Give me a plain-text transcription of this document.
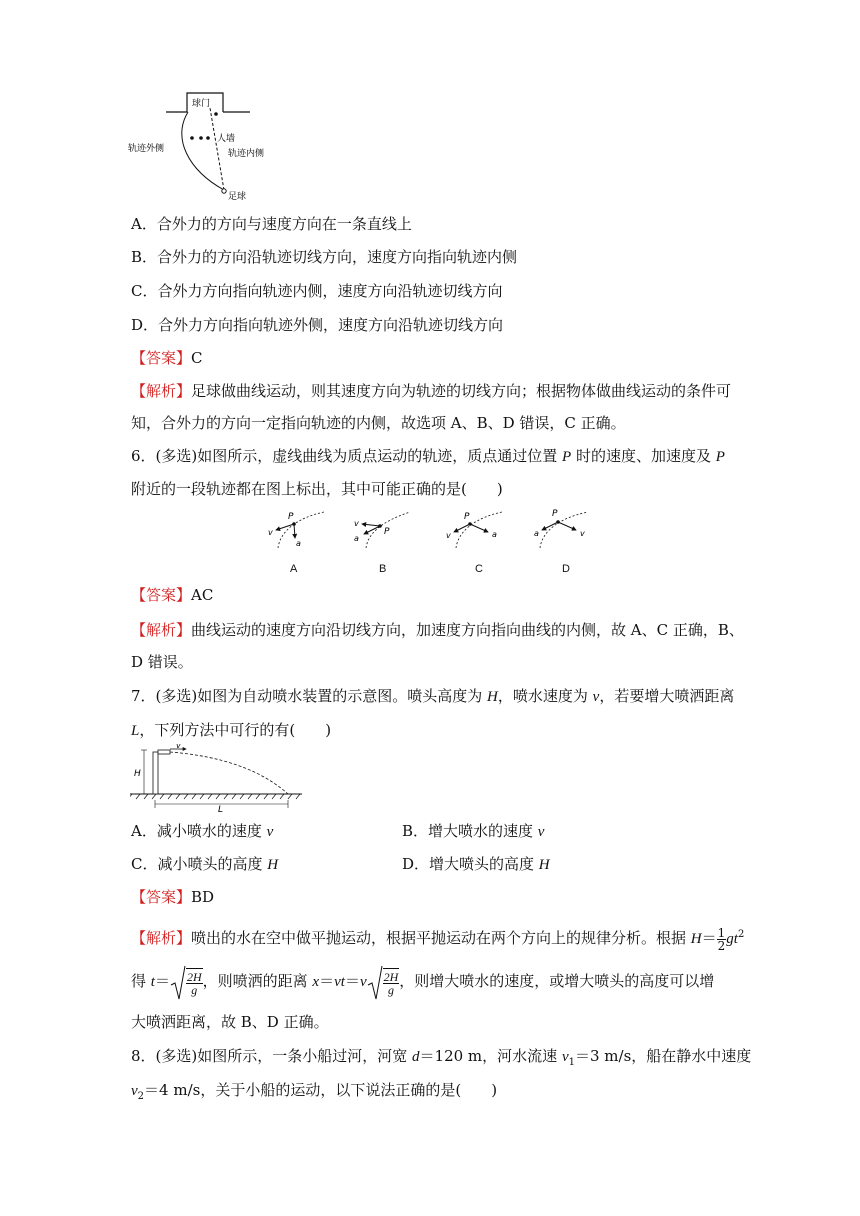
球门
人墙
轨迹外侧	轨迹内侧
足球
A．合外力的方向与速度方向在一条直线上
B．合外力的方向沿轨迹切线方向，速度方向指向轨迹内侧
C．合外力方向指向轨迹内侧，速度方向沿轨迹切线方向
D．合外力方向指向轨迹外侧，速度方向沿轨迹切线方向
【答案】C
【解析】足球做曲线运动，则其速度方向为轨迹的切线方向；根据物体做曲线运动的条件可
知，合外力的方向一定指向轨迹的内侧，故选项 A、B、D 错误，C 正确。
6．(多选)如图所示，虚线曲线为质点运动的轨迹，质点通过位置 P 时的速度、加速度及 P
附近的一段轨迹都在图上标出，其中可能正确的是(　　)
P
v
a
P
v
a
P
v	a
P
a	v
A	B	C	D
【答案】AC
【解析】曲线运动的速度方向沿切线方向，加速度方向指向曲线的内侧，故 A、C 正确，B、
D 错误。
7．(多选)如图为自动喷水装置的示意图。喷头高度为 H，喷水速度为 v，若要增大喷洒距离
L，下列方法中可行的有(　　)
H
v
L
A．减小喷水的速度 v	B．增大喷水的速度 v
C．减小喷头的高度 H	D．增大喷头的高度 H
【答案】BD
【解析】喷出的水在空中做平抛运动，根据平抛运动在两个方向上的规律分析。根据 $H= \frac{1}{2} gt^2$
得 $t= \frac{2H}{g}$，则喷洒的距离 $x=vt=v \frac{2H}{g}$，则增大喷水的速度，或增大喷头的高度可以增
大喷洒距离，故 B、D 正确。
8．(多选)如图所示，一条小船过河，河宽 d＝120 m，河水流速 $v_1=3$ m/s，船在静水中速度
$v_2=4$ m/s，关于小船的运动，以下说法正确的是(　　)
